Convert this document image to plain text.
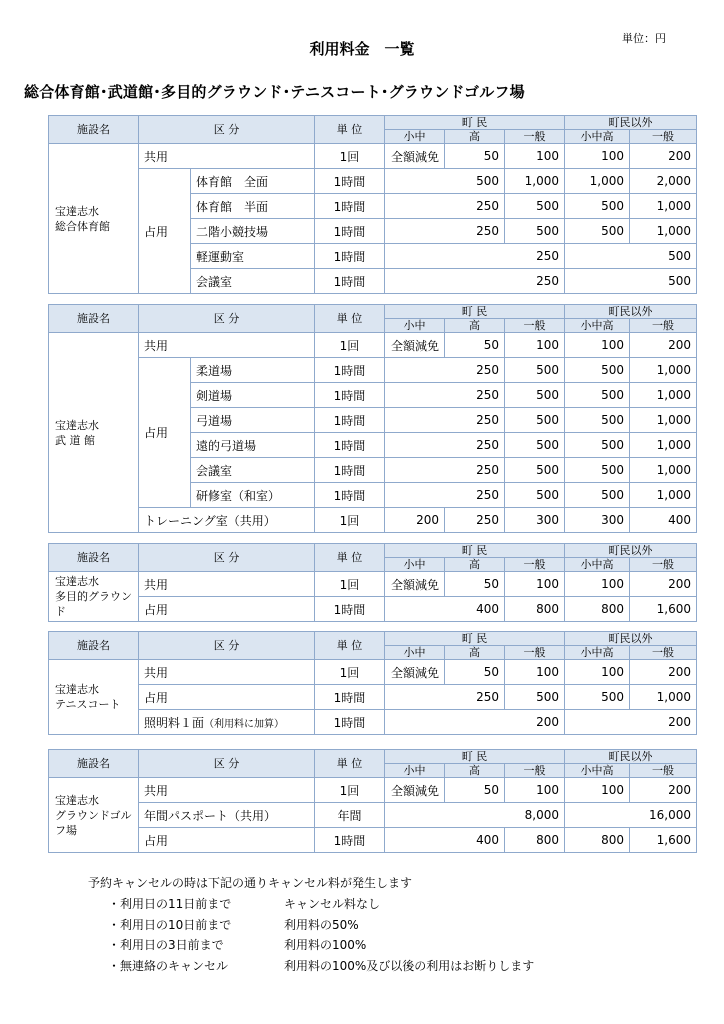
利用料金　一覧
単位：円
総合体育館･武道館･多目的グラウンド･テニスコート･グラウンドゴルフ場
施設名	区 分		単 位	町 民			町民以外	
				小中	高	一般	小中高	一般

宝達志水
総合体育館	共用		1回	全額減免	50	100	100	200
	占用	体育館　全面	1時間	500		1,000	1,000	2,000
		体育館　半面	1時間	250		500	500	1,000
		二階小競技場	1時間	250		500	500	1,000
		軽運動室	1時間	250			500	
		会議室	1時間	250			500	
施設名	区 分		単 位	町 民			町民以外	
				小中	高	一般	小中高	一般

宝達志水
武 道 館	共用		1回	全額減免	50	100	100	200
	占用	柔道場	1時間	250		500	500	1,000
		剣道場	1時間	250		500	500	1,000
		弓道場	1時間	250		500	500	1,000
		遠的弓道場	1時間	250		500	500	1,000
		会議室	1時間	250		500	500	1,000
		研修室（和室）	1時間	250		500	500	1,000
	トレーニング室（共用）		1回	200	250	300	300	400
施設名	区 分	単 位	町 民			町民以外	
			小中	高	一般	小中高	一般

宝達志水
多目的グラウンド	共用	1回	全額減免	50	100	100	200
	占用	1時間	400		800	800	1,600
施設名	区 分	単 位	町 民			町民以外	
			小中	高	一般	小中高	一般

宝達志水
テニスコート	共用	1回	全額減免	50	100	100	200
	占用	1時間	250		500	500	1,000
	照明料１面（利用料に加算）	1時間	200			200	
施設名	区 分	単 位	町 民			町民以外	
			小中	高	一般	小中高	一般

宝達志水
グラウンドゴルフ場	共用	1回	全額減免	50	100	100	200
	年間パスポート（共用）	年間	8,000			16,000	
	占用	1時間	400		800	800	1,600
予約キャンセルの時は下記の通りキャンセル料が発生します
・利用日の11日前まで	キャンセル料なし
・利用日の10日前まで	利用料の50%
・利用日の3日前まで	利用料の100%
・無連絡のキャンセル	利用料の100%及び以後の利用はお断りします
